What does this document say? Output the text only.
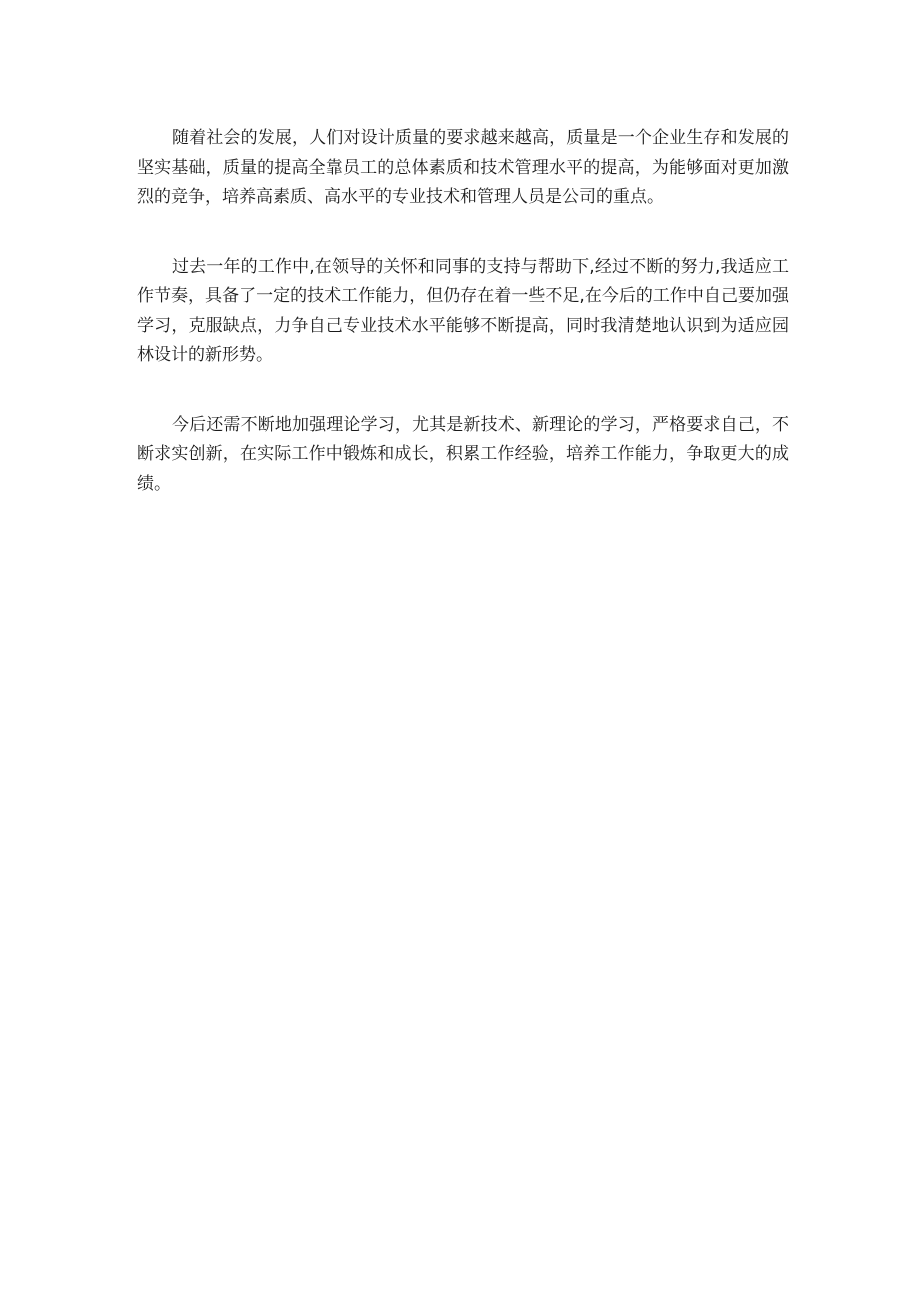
随着社会的发展，人们对设计质量的要求越来越高，质量是一个企业生存和发展的坚实基础，质量的提高全靠员工的总体素质和技术管理水平的提高，为能够面对更加激烈的竞争，培养高素质、高水平的专业技术和管理人员是公司的重点。

过去一年的工作中,在领导的关怀和同事的支持与帮助下,经过不断的努力,我适应工作节奏，具备了一定的技术工作能力，但仍存在着一些不足,在今后的工作中自己要加强学习，克服缺点，力争自己专业技术水平能够不断提高，同时我清楚地认识到为适应园林设计的新形势。

今后还需不断地加强理论学习，尤其是新技术、新理论的学习，严格要求自己，不断求实创新，在实际工作中锻炼和成长，积累工作经验，培养工作能力，争取更大的成绩。
